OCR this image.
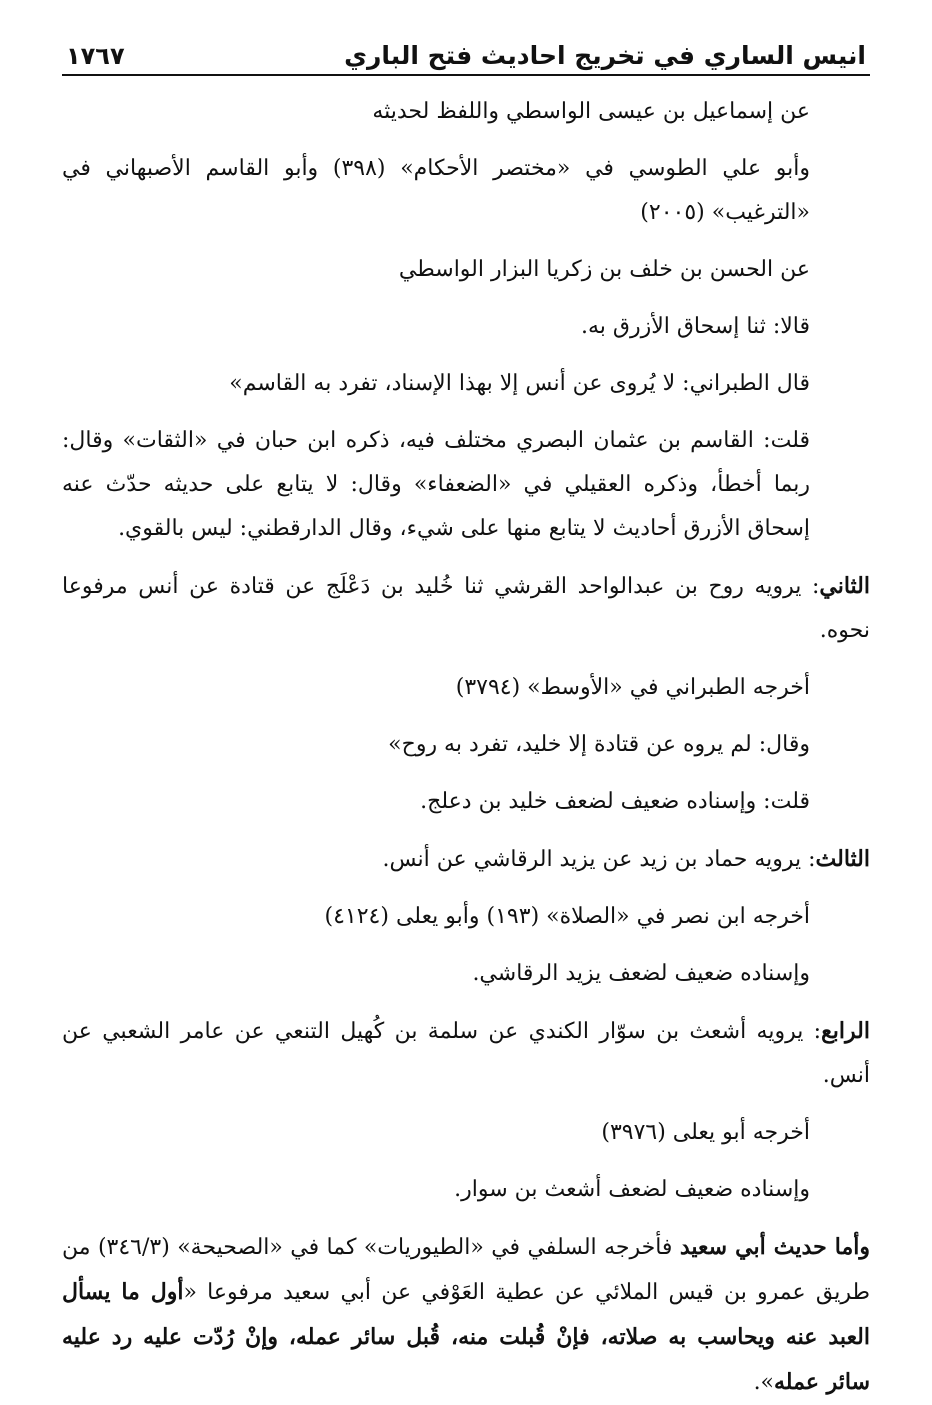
انيس الساري في تخريج احاديث فتح الباري
١٧٦٧

عن إسماعيل بن عيسى الواسطي واللفظ لحديثه

وأبو علي الطوسي في «مختصر الأحكام» (٣٩٨) وأبو القاسم الأصبهاني في «الترغيب» (٢٠٠٥)

عن الحسن بن خلف بن زكريا البزار الواسطي

قالا: ثنا إسحاق الأزرق به.

قال الطبراني: لا يُروى عن أنس إلا بهذا الإسناد، تفرد به القاسم»

قلت: القاسم بن عثمان البصري مختلف فيه، ذكره ابن حبان في «الثقات» وقال: ربما أخطأ، وذكره العقيلي في «الضعفاء» وقال: لا يتابع على حديثه حدّث عنه إسحاق الأزرق أحاديث لا يتابع منها على شيء، وقال الدارقطني: ليس بالقوي.

الثاني: يرويه روح بن عبدالواحد القرشي ثنا خُليد بن دَعْلَج عن قتادة عن أنس مرفوعا نحوه.

أخرجه الطبراني في «الأوسط» (٣٧٩٤)

وقال: لم يروه عن قتادة إلا خليد، تفرد به روح»

قلت: وإسناده ضعيف لضعف خليد بن دعلج.

الثالث: يرويه حماد بن زيد عن يزيد الرقاشي عن أنس.

أخرجه ابن نصر في «الصلاة» (١٩٣) وأبو يعلى (٤١٢٤)

وإسناده ضعيف لضعف يزيد الرقاشي.

الرابع: يرويه أشعث بن سوّار الكندي عن سلمة بن كُهيل التنعي عن عامر الشعبي عن أنس.

أخرجه أبو يعلى (٣٩٧٦)

وإسناده ضعيف لضعف أشعث بن سوار.

وأما حديث أبي سعيد فأخرجه السلفي في «الطيوريات» كما في «الصحيحة» (٣٤٦/٣) من طريق عمرو بن قيس الملائي عن عطية العَوْفي عن أبي سعيد مرفوعا «أول ما يسأل العبد عنه ويحاسب به صلاته، فإنْ قُبلت منه، قُبل سائر عمله، وإنْ رُدّت عليه رد عليه سائر عمله».
